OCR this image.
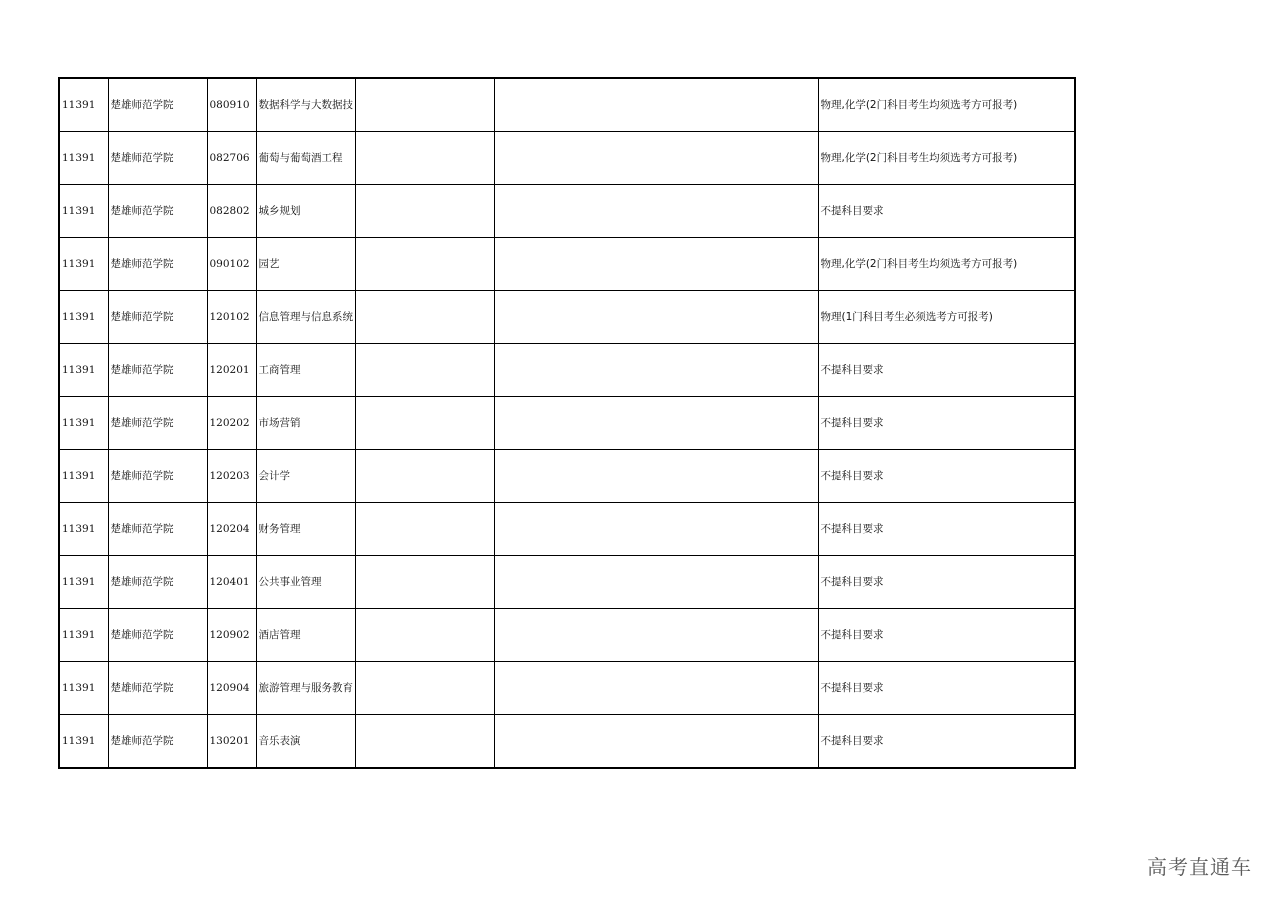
11391	楚雄师范学院	080910	数据科学与大数据技			物理,化学(2门科目考生均须选考方可报考)
11391	楚雄师范学院	082706	葡萄与葡萄酒工程			物理,化学(2门科目考生均须选考方可报考)
11391	楚雄师范学院	082802	城乡规划			不提科目要求
11391	楚雄师范学院	090102	园艺			物理,化学(2门科目考生均须选考方可报考)
11391	楚雄师范学院	120102	信息管理与信息系统			物理(1门科目考生必须选考方可报考)
11391	楚雄师范学院	120201	工商管理			不提科目要求
11391	楚雄师范学院	120202	市场营销			不提科目要求
11391	楚雄师范学院	120203	会计学			不提科目要求
11391	楚雄师范学院	120204	财务管理			不提科目要求
11391	楚雄师范学院	120401	公共事业管理			不提科目要求
11391	楚雄师范学院	120902	酒店管理			不提科目要求
11391	楚雄师范学院	120904	旅游管理与服务教育			不提科目要求
11391	楚雄师范学院	130201	音乐表演			不提科目要求
高考直通车
